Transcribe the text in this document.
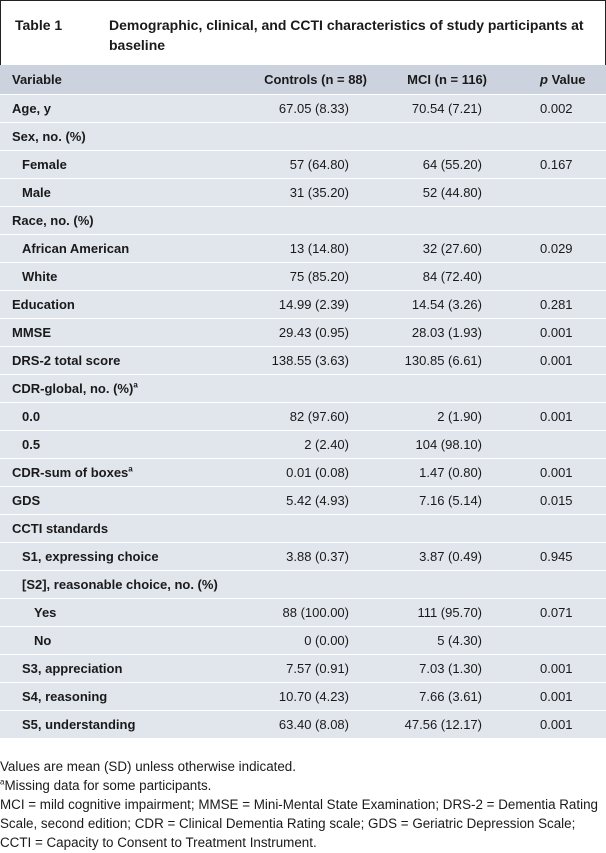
Table 1	Demographic, clinical, and CCTI characteristics of study participants at baseline
Variable	Controls (n = 88)	MCI (n = 116)	p Value
Age, y	67.05 (8.33)	70.54 (7.21)	0.002
Sex, no. (%)
Female	57 (64.80)	64 (55.20)	0.167
Male	31 (35.20)	52 (44.80)
Race, no. (%)
African American	13 (14.80)	32 (27.60)	0.029
White	75 (85.20)	84 (72.40)
Education	14.99 (2.39)	14.54 (3.26)	0.281
MMSE	29.43 (0.95)	28.03 (1.93)	0.001
DRS-2 total score	138.55 (3.63)	130.85 (6.61)	0.001
CDR-global, no. (%)$^a$
0.0	82 (97.60)	2 (1.90)	0.001
0.5	2 (2.40)	104 (98.10)
CDR-sum of boxes$^a$	0.01 (0.08)	1.47 (0.80)	0.001
GDS	5.42 (4.93)	7.16 (5.14)	0.015
CCTI standards
S1, expressing choice	3.88 (0.37)	3.87 (0.49)	0.945
[S2], reasonable choice, no. (%)
Yes	88 (100.00)	111 (95.70)	0.071
No	0 (0.00)	5 (4.30)
S3, appreciation	7.57 (0.91)	7.03 (1.30)	0.001
S4, reasoning	10.70 (4.23)	7.66 (3.61)	0.001
S5, understanding	63.40 (8.08)	47.56 (12.17)	0.001

Values are mean (SD) unless otherwise indicated.

$^a$Missing data for some participants.

MCI = mild cognitive impairment; MMSE = Mini-Mental State Examination; DRS-2 = Dementia Rating Scale, second edition; CDR = Clinical Dementia Rating scale; GDS = Geriatric Depression Scale; CCTI = Capacity to Consent to Treatment Instrument.
